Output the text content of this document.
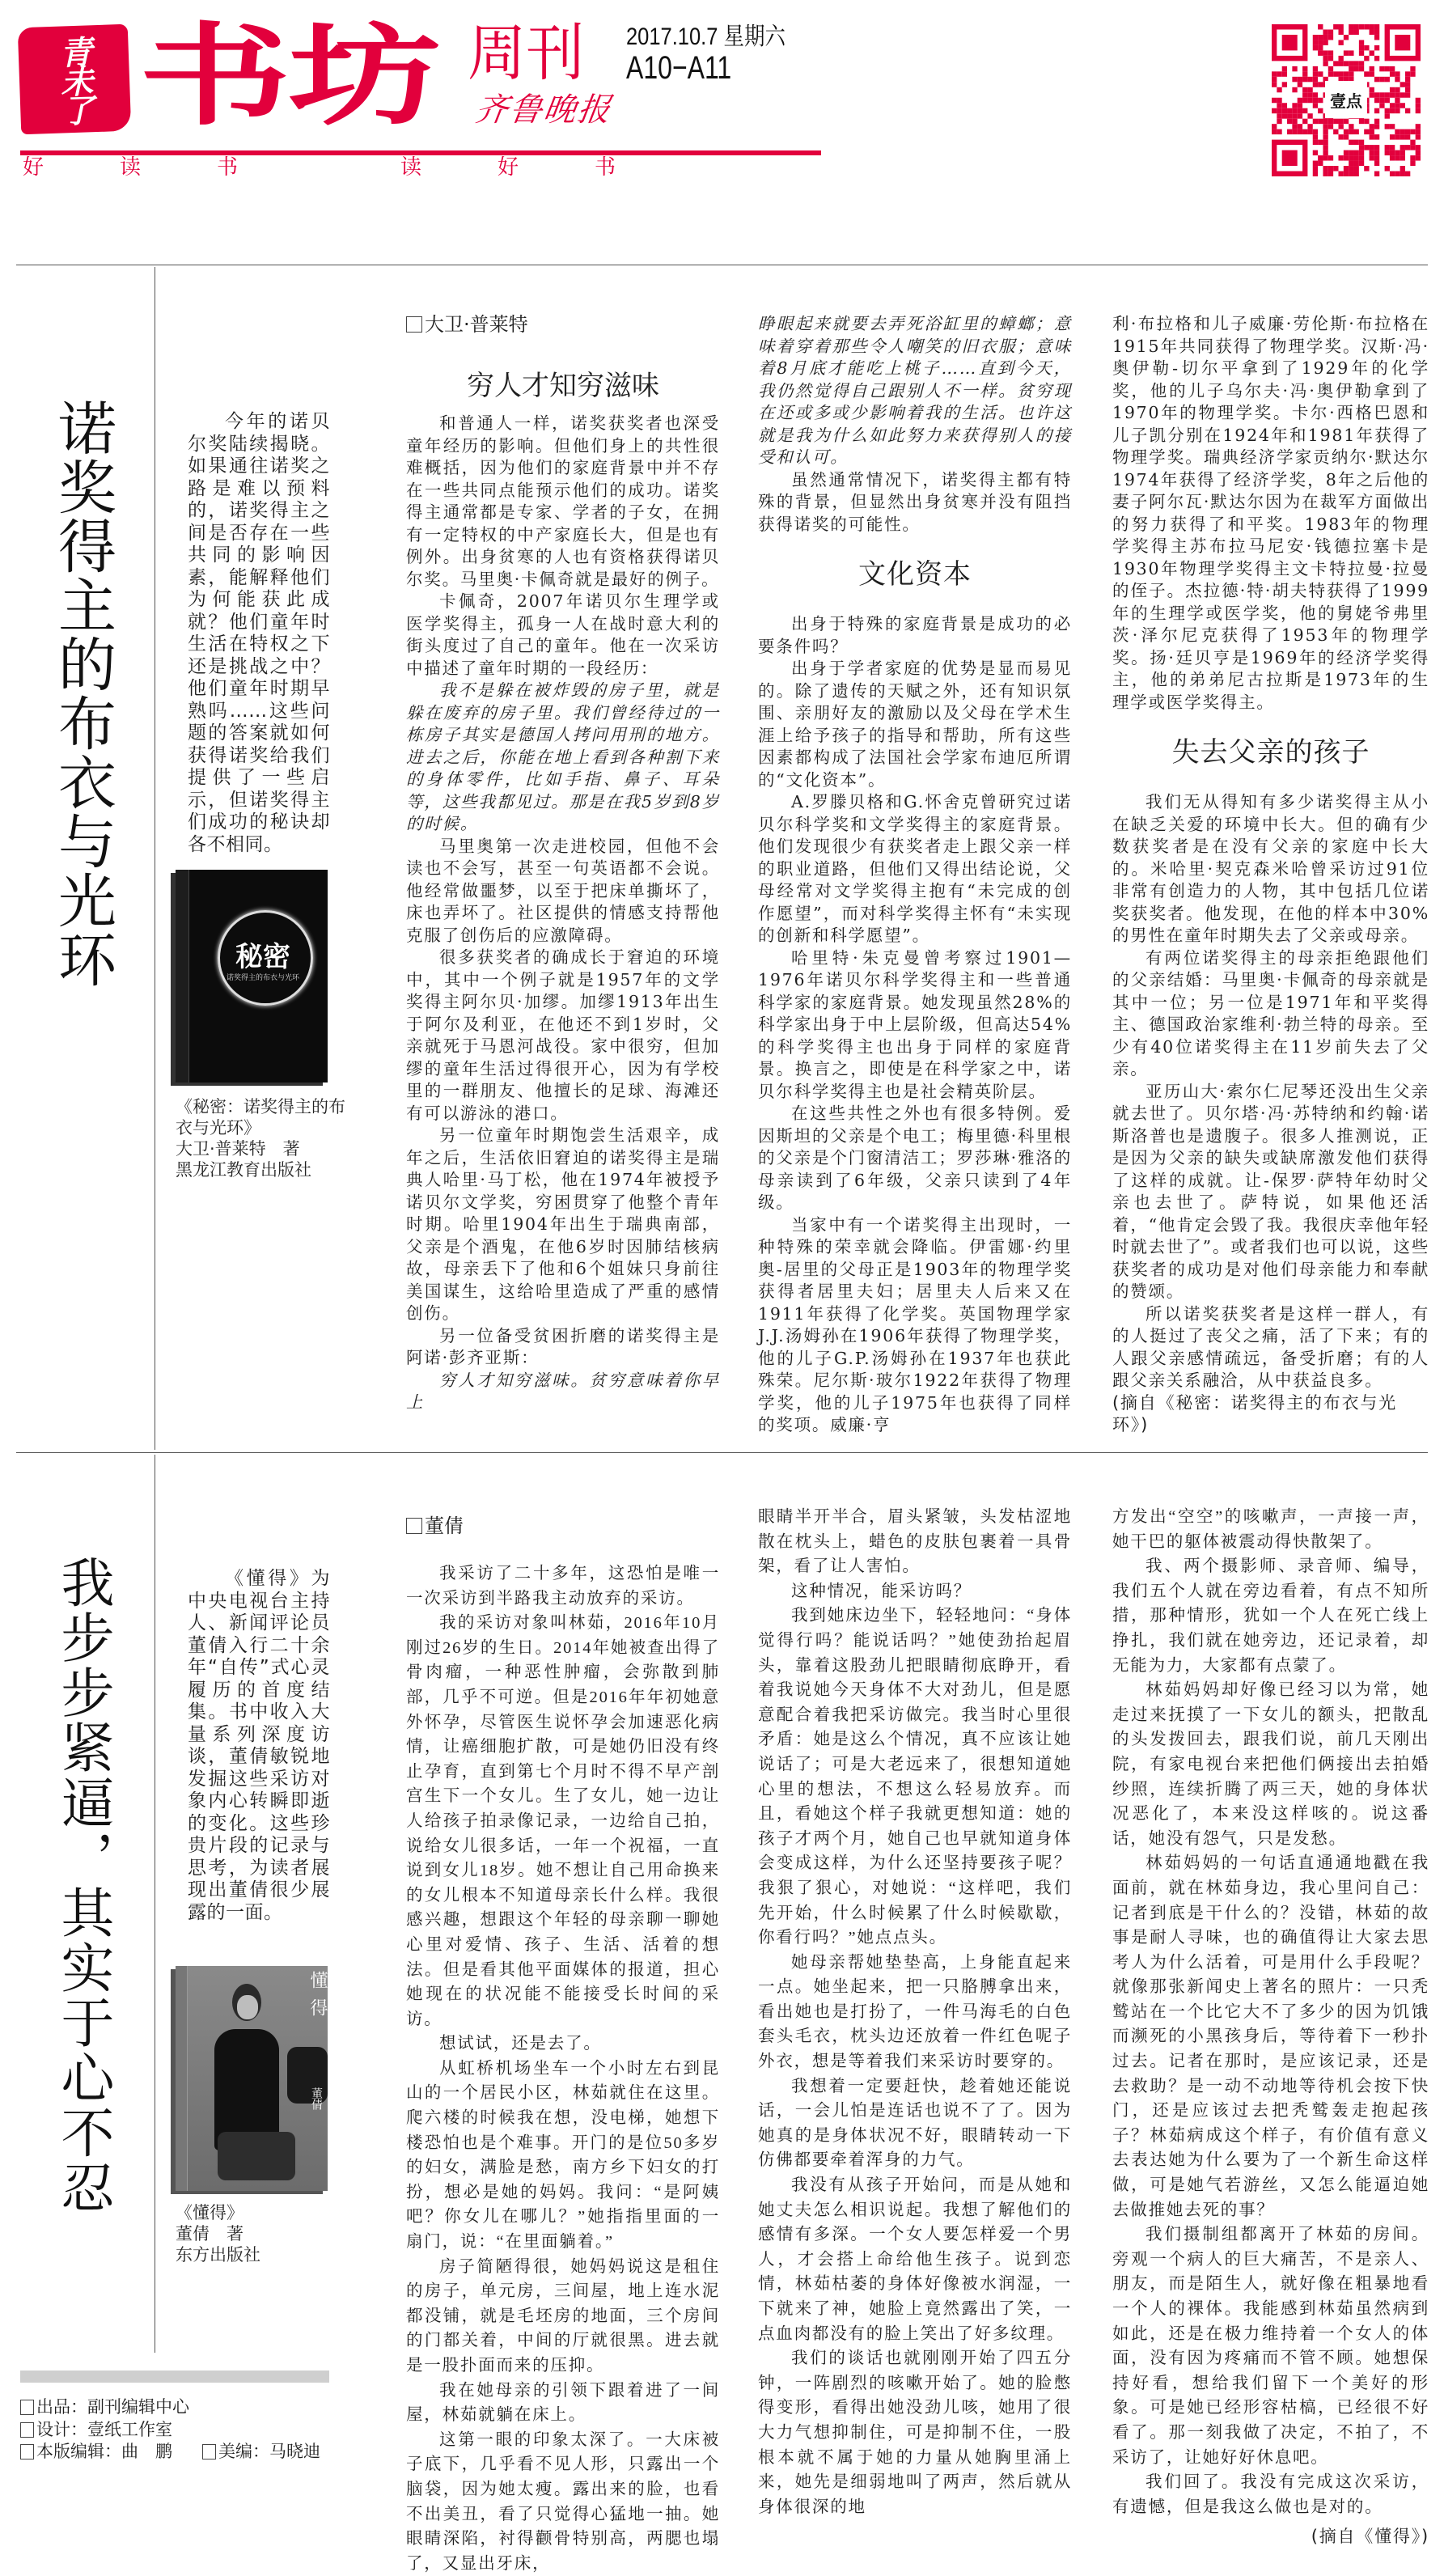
青未了 书坊 周刊 2017.10.7 星期六
A10−A11
齐鲁晚报
好	读	书	读	好	书
壹点
诺奖得主的布衣与光环	今年的诺贝尔奖陆续揭晓。如果通往诺奖之路是难以预料的，诺奖得主之间是否存在一些共同的影响因素，能解释他们为何能获此成就？他们童年时生活在特权之下还是挑战之中？他们童年时期早熟吗……这些问题的答案就如何获得诺奖给我们提供了一些启示，但诺奖得主们成功的秘诀却各不相同。

秘密
诺奖得主的布衣与光环
《秘密：诺奖得主的布
衣与光环》
大卫·普莱特　著
黑龙江教育出版社
大卫·普莱特
穷人才知穷滋味

和普通人一样，诺奖获奖者也深受童年经历的影响。但他们身上的共性很难概括，因为他们的家庭背景中并不存在一些共同点能预示他们的成功。诺奖得主通常都是专家、学者的子女，在拥有一定特权的中产家庭长大，但是也有例外。出身贫寒的人也有资格获得诺贝尔奖。马里奥·卡佩奇就是最好的例子。

卡佩奇，2007年诺贝尔生理学或医学奖得主，孤身一人在战时意大利的街头度过了自己的童年。他在一次采访中描述了童年时期的一段经历：

我不是躲在被炸毁的房子里，就是躲在废弃的房子里。我们曾经待过的一栋房子其实是德国人拷问用刑的地方。进去之后，你能在地上看到各种割下来的身体零件，比如手指、鼻子、耳朵等，这些我都见过。那是在我5岁到8岁的时候。

马里奥第一次走进校园，但他不会读也不会写，甚至一句英语都不会说。他经常做噩梦，以至于把床单撕坏了，床也弄坏了。社区提供的情感支持帮他克服了创伤后的应激障碍。

很多获奖者的确成长于窘迫的环境中，其中一个例子就是1957年的文学奖得主阿尔贝·加缪。加缪1913年出生于阿尔及利亚，在他还不到1岁时，父亲就死于马恩河战役。家中很穷，但加缪的童年生活过得很开心，因为有学校里的一群朋友、他擅长的足球、海滩还有可以游泳的港口。

另一位童年时期饱尝生活艰辛，成年之后，生活依旧窘迫的诺奖得主是瑞典人哈里·马丁松，他在1974年被授予诺贝尔文学奖，穷困贯穿了他整个青年时期。哈里1904年出生于瑞典南部，父亲是个酒鬼，在他6岁时因肺结核病故，母亲丢下了他和6个姐妹只身前往美国谋生，这给哈里造成了严重的感情创伤。

另一位备受贫困折磨的诺奖得主是阿诺·彭齐亚斯：

穷人才知穷滋味。贫穷意味着你早上

睁眼起来就要去弄死浴缸里的蟑螂；意味着穿着那些令人嘲笑的旧衣服；意味着8月底才能吃上桃子……直到今天，我仍然觉得自己跟别人不一样。贫穷现在还或多或少影响着我的生活。也许这就是我为什么如此努力来获得别人的接受和认可。

虽然通常情况下，诺奖得主都有特殊的背景，但显然出身贫寒并没有阻挡获得诺奖的可能性。

文化资本

出身于特殊的家庭背景是成功的必要条件吗？

出身于学者家庭的优势是显而易见的。除了遗传的天赋之外，还有知识氛围、亲朋好友的激励以及父母在学术生涯上给予孩子的指导和帮助，所有这些因素都构成了法国社会学家布迪厄所谓的“文化资本”。

A.罗滕贝格和G.怀舍克曾研究过诺贝尔科学奖和文学奖得主的家庭背景。他们发现很少有获奖者走上跟父亲一样的职业道路，但他们又得出结论说，父母经常对文学奖得主抱有“未完成的创作愿望”，而对科学奖得主怀有“未实现的创新和科学愿望”。

哈里特·朱克曼曾考察过1901—1976年诺贝尔科学奖得主和一些普通科学家的家庭背景。她发现虽然28%的科学家出身于中上层阶级，但高达54%的科学奖得主也出身于同样的家庭背景。换言之，即使是在科学家之中，诺贝尔科学奖得主也是社会精英阶层。

在这些共性之外也有很多特例。爱因斯坦的父亲是个电工；梅里德·科里根的父亲是个门窗清洁工；罗莎琳·雅洛的母亲读到了6年级，父亲只读到了4年级。

当家中有一个诺奖得主出现时，一种特殊的荣幸就会降临。伊雷娜·约里奥-居里的父母正是1903年的物理学奖获得者居里夫妇；居里夫人后来又在1911年获得了化学奖。英国物理学家J.J.汤姆孙在1906年获得了物理学奖，他的儿子G.P.汤姆孙在1937年也获此殊荣。尼尔斯·玻尔1922年获得了物理学奖，他的儿子1975年也获得了同样的奖项。威廉·亨

利·布拉格和儿子威廉·劳伦斯·布拉格在1915年共同获得了物理学奖。汉斯·冯·奥伊勒-切尔平拿到了1929年的化学奖，他的儿子乌尔夫·冯·奥伊勒拿到了1970年的物理学奖。卡尔·西格巴恩和儿子凯分别在1924年和1981年获得了物理学奖。瑞典经济学家贡纳尔·默达尔1974年获得了经济学奖，8年之后他的妻子阿尔瓦·默达尔因为在裁军方面做出的努力获得了和平奖。1983年的物理学奖得主苏布拉马尼安·钱德拉塞卡是1930年物理学奖得主文卡特拉曼·拉曼的侄子。杰拉德·特·胡夫特获得了1999年的生理学或医学奖，他的舅姥爷弗里茨·泽尔尼克获得了1953年的物理学奖。扬·廷贝亨是1969年的经济学奖得主，他的弟弟尼古拉斯是1973年的生理学或医学奖得主。

失去父亲的孩子

我们无从得知有多少诺奖得主从小在缺乏关爱的环境中长大。但的确有少数获奖者是在没有父亲的家庭中长大的。米哈里·契克森米哈曾采访过91位非常有创造力的人物，其中包括几位诺奖获奖者。他发现，在他的样本中30%的男性在童年时期失去了父亲或母亲。

有两位诺奖得主的母亲拒绝跟他们的父亲结婚：马里奥·卡佩奇的母亲就是其中一位；另一位是1971年和平奖得主、德国政治家维利·勃兰特的母亲。至少有40位诺奖得主在11岁前失去了父亲。

亚历山大·索尔仁尼琴还没出生父亲就去世了。贝尔塔·冯·苏特纳和约翰·诺斯洛普也是遗腹子。很多人推测说，正是因为父亲的缺失或缺席激发他们获得了这样的成就。让-保罗·萨特年幼时父亲也去世了。萨特说，如果他还活着，“他肯定会毁了我。我很庆幸他年轻时就去世了”。或者我们也可以说，这些获奖者的成功是对他们母亲能力和奉献的赞颂。

所以诺奖获奖者是这样一群人，有的人挺过了丧父之痛，活了下来；有的人跟父亲感情疏远，备受折磨；有的人跟父亲关系融洽，从中获益良多。

(摘自《秘密：诺奖得主的布衣与光环》)

我步步紧逼，其实于心不忍	《懂得》为中央电视台主持人、新闻评论员董倩入行二十余年“自传”式心灵履历的首度结集。书中收入大量系列深度访谈，董倩敏锐地发掘这些采访对象内心转瞬即逝的变化。这些珍贵片段的记录与思考，为读者展现出董倩很少展露的一面。

懂得
董倩
《懂得》
董倩　著
东方出版社
董倩

我采访了二十多年，这恐怕是唯一一次采访到半路我主动放弃的采访。

我的采访对象叫林茹，2016年10月刚过26岁的生日。2014年她被查出得了骨肉瘤，一种恶性肿瘤，会弥散到肺部，几乎不可逆。但是2016年年初她意外怀孕，尽管医生说怀孕会加速恶化病情，让癌细胞扩散，可是她仍旧没有终止孕育，直到第七个月时不得不早产剖宫生下一个女儿。生了女儿，她一边让人给孩子拍录像记录，一边给自己拍，说给女儿很多话，一年一个祝福，一直说到女儿18岁。她不想让自己用命换来的女儿根本不知道母亲长什么样。我很感兴趣，想跟这个年轻的母亲聊一聊她心里对爱情、孩子、生活、活着的想法。但是看其他平面媒体的报道，担心她现在的状况能不能接受长时间的采访。

想试试，还是去了。

从虹桥机场坐车一个小时左右到昆山的一个居民小区，林茹就住在这里。爬六楼的时候我在想，没电梯，她想下楼恐怕也是个难事。开门的是位50多岁的妇女，满脸是愁，南方乡下妇女的打扮，想必是她的妈妈。我问：“是阿姨吧？你女儿在哪儿？”她指指里面的一扇门，说：“在里面躺着。”

房子简陋得很，她妈妈说这是租住的房子，单元房，三间屋，地上连水泥都没铺，就是毛坯房的地面，三个房间的门都关着，中间的厅就很黑。进去就是一股扑面而来的压抑。

我在她母亲的引领下跟着进了一间屋，林茹就躺在床上。

这第一眼的印象太深了。一大床被子底下，几乎看不见人形，只露出一个脑袋，因为她太瘦。露出来的脸，也看不出美丑，看了只觉得心猛地一抽。她眼睛深陷，衬得颧骨特别高，两腮也塌了，又显出牙床，

眼睛半开半合，眉头紧皱，头发枯涩地散在枕头上，蜡色的皮肤包裹着一具骨架，看了让人害怕。

这种情况，能采访吗？

我到她床边坐下，轻轻地问：“身体觉得行吗？能说话吗？”她使劲抬起眉头，靠着这股劲儿把眼睛彻底睁开，看着我说她今天身体不大对劲儿，但是愿意配合着我把采访做完。我当时心里很矛盾：她是这么个情况，真不应该让她说话了；可是大老远来了，很想知道她心里的想法，不想这么轻易放弃。而且，看她这个样子我就更想知道：她的孩子才两个月，她自己也早就知道身体会变成这样，为什么还坚持要孩子呢？我狠了狠心，对她说：“这样吧，我们先开始，什么时候累了什么时候歇歇，你看行吗？”她点点头。

她母亲帮她垫垫高，上身能直起来一点。她坐起来，把一只胳膊拿出来，看出她也是打扮了，一件马海毛的白色套头毛衣，枕头边还放着一件红色呢子外衣，想是等着我们来采访时要穿的。

我想着一定要赶快，趁着她还能说话，一会儿怕是连话也说不了了。因为她真的是身体状况不好，眼睛转动一下仿佛都要牵着浑身的力气。

我没有从孩子开始问，而是从她和她丈夫怎么相识说起。我想了解他们的感情有多深。一个女人要怎样爱一个男人，才会搭上命给他生孩子。说到恋情，林茹枯萎的身体好像被水润湿，一下就来了神，她脸上竟然露出了笑，一点血肉都没有的脸上笑出了好多纹理。

我们的谈话也就刚刚开始了四五分钟，一阵剧烈的咳嗽开始了。她的脸憋得变形，看得出她没劲儿咳，她用了很大力气想抑制住，可是抑制不住，一股根本就不属于她的力量从她胸里涌上来，她先是细弱地叫了两声，然后就从身体很深的地

方发出“空空”的咳嗽声，一声接一声，她干巴的躯体被震动得快散架了。

我、两个摄影师、录音师、编导，我们五个人就在旁边看着，有点不知所措，那种情形，犹如一个人在死亡线上挣扎，我们就在她旁边，还记录着，却无能为力，大家都有点蒙了。

林茹妈妈却好像已经习以为常，她走过来抚摸了一下女儿的额头，把散乱的头发拨回去，跟我们说，前几天刚出院，有家电视台来把他们俩接出去拍婚纱照，连续折腾了两三天，她的身体状况恶化了，本来没这样咳的。说这番话，她没有怨气，只是发愁。

林茹妈妈的一句话直通通地戳在我面前，就在林茹身边，我心里问自己：记者到底是干什么的？没错，林茹的故事是耐人寻味，也的确值得让大家去思考人为什么活着，可是用什么手段呢？就像那张新闻史上著名的照片：一只秃鹫站在一个比它大不了多少的因为饥饿而濒死的小黑孩身后，等待着下一秒扑过去。记者在那时，是应该记录，还是去救助？是一动不动地等待机会按下快门，还是应该过去把秃鹫轰走抱起孩子？林茹病成这个样子，有价值有意义去表达她为什么要为了一个新生命这样做，可是她气若游丝，又怎么能逼迫她去做推她去死的事？

我们摄制组都离开了林茹的房间。旁观一个病人的巨大痛苦，不是亲人、朋友，而是陌生人，就好像在粗暴地看一个人的裸体。我能感到林茹虽然病到如此，还是在极力维持着一个女人的体面，没有因为疼痛而不管不顾。她想保持好看，想给我们留下一个美好的形象。可是她已经形容枯槁，已经很不好看了。那一刻我做了决定，不拍了，不采访了，让她好好休息吧。

我们回了。我没有完成这次采访，有遗憾，但是我这么做也是对的。

(摘自《懂得》)

出品：副刊编辑中心
设计：壹纸工作室
本版编辑：曲　鹏	美编：马晓迪
